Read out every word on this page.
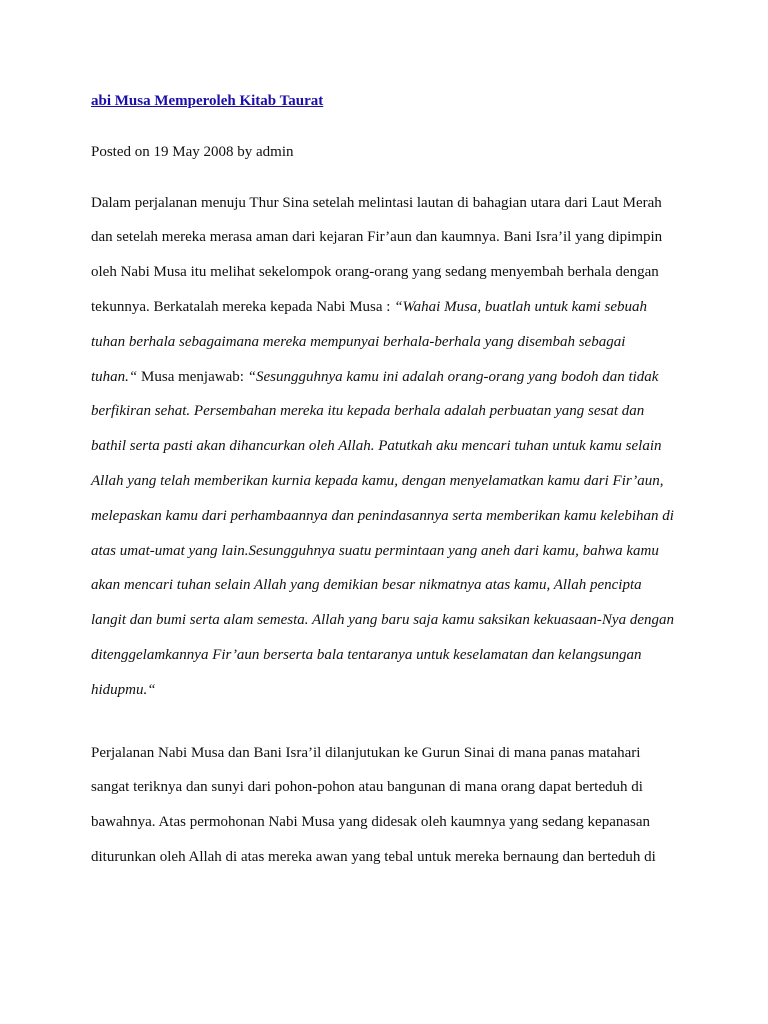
abi Musa Memperoleh Kitab Taurat
Posted on 19 May 2008 by admin
Dalam perjalanan menuju Thur Sina setelah melintasi lautan di bahagian utara dari Laut Merah
dan setelah mereka merasa aman dari kejaran Fir’aun dan kaumnya. Bani Isra’il yang dipimpin
oleh Nabi Musa itu melihat sekelompok orang-orang yang sedang menyembah berhala dengan
tekunnya. Berkatalah mereka kepada Nabi Musa : “Wahai Musa, buatlah untuk kami sebuah
tuhan berhala sebagaimana mereka mempunyai berhala-berhala yang disembah sebagai
tuhan.“ Musa menjawab: “Sesungguhnya kamu ini adalah orang-orang yang bodoh dan tidak
berfikiran sehat. Persembahan mereka itu kepada berhala adalah perbuatan yang sesat dan
bathil serta pasti akan dihancurkan oleh Allah. Patutkah aku mencari tuhan untuk kamu selain
Allah yang telah memberikan kurnia kepada kamu, dengan menyelamatkan kamu dari Fir’aun,
melepaskan kamu dari perhambaannya dan penindasannya serta memberikan kamu kelebihan di
atas umat-umat yang lain.Sesungguhnya suatu permintaan yang aneh dari kamu, bahwa kamu
akan mencari tuhan selain Allah yang demikian besar nikmatnya atas kamu, Allah pencipta
langit dan bumi serta alam semesta. Allah yang baru saja kamu saksikan kekuasaan-Nya dengan
ditenggelamkannya Fir’aun berserta bala tentaranya untuk keselamatan dan kelangsungan
hidupmu.“
Perjalanan Nabi Musa dan Bani Isra’il dilanjutukan ke Gurun Sinai di mana panas matahari
sangat teriknya dan sunyi dari pohon-pohon atau bangunan di mana orang dapat berteduh di
bawahnya. Atas permohonan Nabi Musa yang didesak oleh kaumnya yang sedang kepanasan
diturunkan oleh Allah di atas mereka awan yang tebal untuk mereka bernaung dan berteduh di
